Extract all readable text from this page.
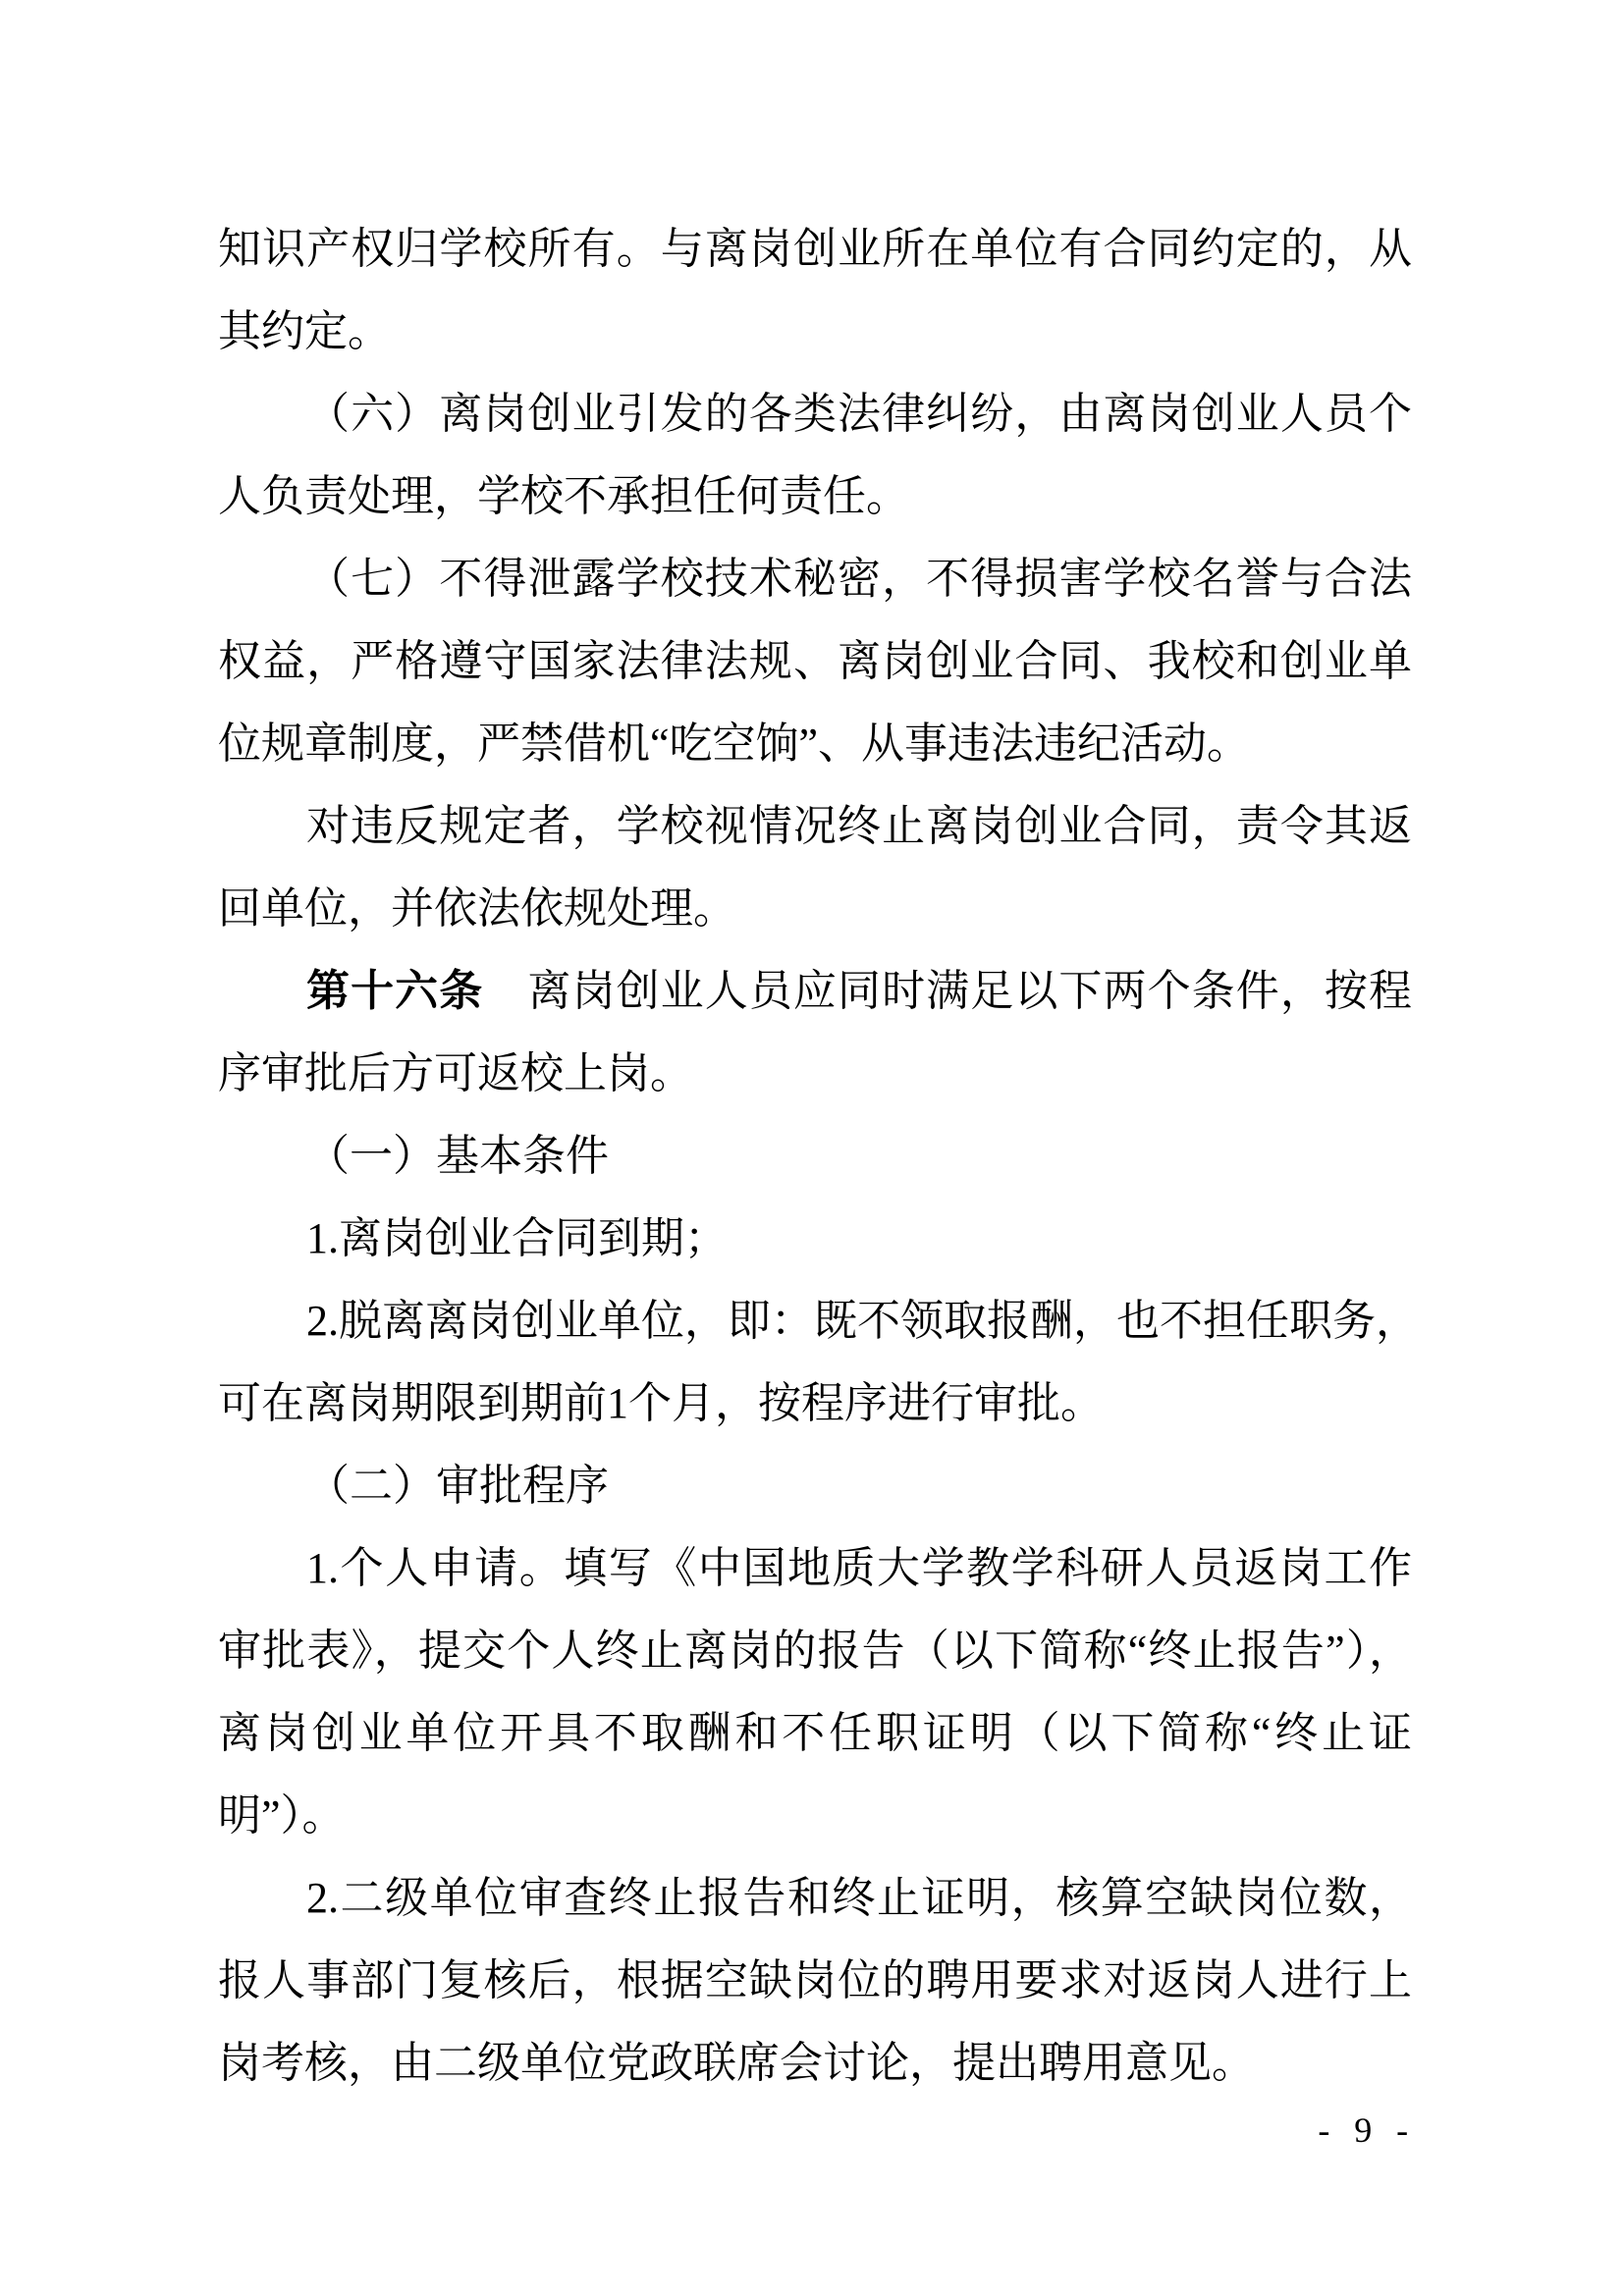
知识产权归学校所有。与离岗创业所在单位有合同约定的，从
其约定。
（六）离岗创业引发的各类法律纠纷，由离岗创业人员个
人负责处理，学校不承担任何责任。
（七）不得泄露学校技术秘密，不得损害学校名誉与合法
权益，严格遵守国家法律法规、离岗创业合同、我校和创业单
位规章制度，严禁借机“吃空饷”、从事违法违纪活动。
对违反规定者，学校视情况终止离岗创业合同，责令其返
回单位，并依法依规处理。
第十六条　离岗创业人员应同时满足以下两个条件，按程
序审批后方可返校上岗。
（一）基本条件
1.离岗创业合同到期；
2.脱离离岗创业单位，即：既不领取报酬，也不担任职务，
可在离岗期限到期前1个月，按程序进行审批。
（二）审批程序
1.个人申请。填写《中国地质大学教学科研人员返岗工作
审批表》，提交个人终止离岗的报告（以下简称“终止报告”），
离岗创业单位开具不取酬和不任职证明（以下简称“终止证
明”）。
2.二级单位审查终止报告和终止证明，核算空缺岗位数，
报人事部门复核后，根据空缺岗位的聘用要求对返岗人进行上
岗考核，由二级单位党政联席会讨论，提出聘用意见。
- 9 -
